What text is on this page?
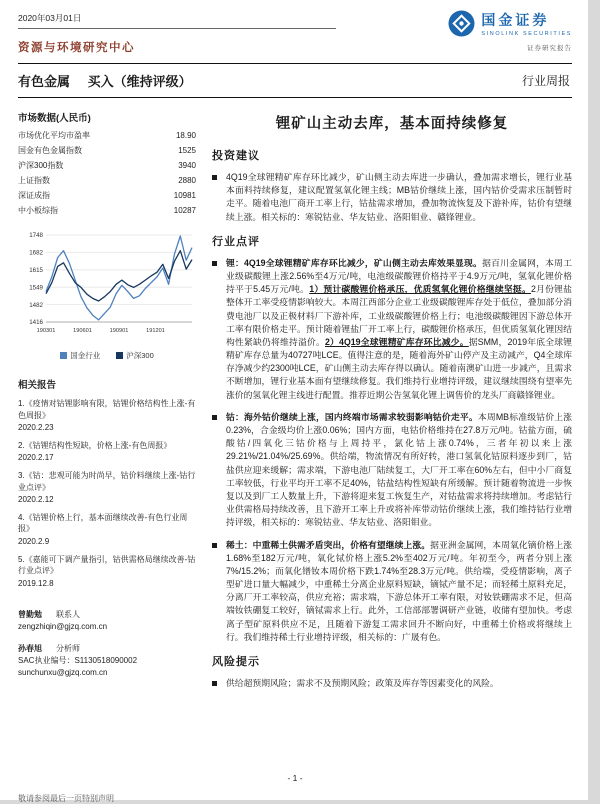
2020年03月01日
资源与环境研究中心
国金证券
SINOLINK SECURITIES
证券研究报告
有色金属 买入（维持评级）	行业周报
市场数据(人民币)
市场优化平均市盈率	18.90
国金有色金属指数	1525
沪深300指数	3940
上证指数	2880
深证成指	10981
中小板综指	10287
1748
1682
1615
1549
1482
1416
190301	190601	190901	191201
国金行业	沪深300
相关报告
1.《疫情对钴锂影响有限，钴锂价格结构性上涨-有色周报》
2020.2.23
2.《钴锂结构性短缺，价格上涨-有色周报》
2020.2.17
3.《钴：悲观可能为时尚早，钴价料继续上涨-钴行业点评》
2020.2.12
4.《钴锂价格上行，基本面继续改善-有色行业周报》
2020.2.9
5.《嘉能可下调产量指引，钴供需格局继续改善-钴行业点评》
2019.12.8
曾勤勉 联系人
zengzhiqin@gjzq.com.cn
孙春旭 分析师
SAC执业编号：S1130518090002
sunchunxu@gjzq.com.cn
锂矿山主动去库，基本面持续修复
投资建议
4Q19全球锂精矿库存环比减少，矿山侧主动去库进一步确认，叠加需求增长，锂行业基本面料持续修复，建议配置氢氧化锂主线；MB钴价继续上涨，国内钴价受需求压制暂时走平。随着电池厂商开工率上行，钴盐需求增加，叠加物流恢复及下游补库，钴价有望继续上涨。相关标的：寒锐钴业、华友钴业、洛阳钼业、赣锋锂业。
行业点评
锂：4Q19全球锂精矿库存环比减少，矿山侧主动去库效果显现。据百川金属网，本周工业级碳酸锂上涨2.56%至4万元/吨，电池级碳酸锂价格持平于4.9万元/吨，氢氧化锂价格持平于5.45万元/吨。1）预计碳酸锂价格承压，优质氢氧化锂价格继续坚挺。2月份锂盐整体开工率受疫情影响较大。本周江西部分企业工业级碳酸锂库存处于低位，叠加部分消费电池厂以及正极材料厂下游补库，工业级碳酸锂价格上行；电池级碳酸锂因下游总体开工率有限价格走平。预计随着锂盐厂开工率上行，碳酸锂价格承压，但优质氢氧化锂因结构性紧缺仍将维持溢价。2）4Q19全球锂精矿库存环比减少。据SMM，2019年底全球锂精矿库存总量为40727吨LCE。值得注意的是，随着海外矿山停产及主动减产，Q4全球库存净减少约2300吨LCE，矿山侧主动去库存得以确认。随着南澳矿山进一步减产，且需求不断增加，锂行业基本面有望继续修复。我们维持行业增持评级，建议继续围绕有望率先涨价的氢氧化锂主线进行配置。推荐近期公告氢氧化锂上调售价的龙头厂商赣锋锂业。
钴：海外钴价继续上涨，国内终端市场需求较弱影响钴价走平。本周MB标准级钴价上涨0.23%，合金级均价上涨0.06%；国内方面，电钴价格维持在27.8万元/吨。钴盐方面，硫酸钴/四氧化三钴价格与上周持平，氯化钴上涨0.74%，三者年初以来上涨29.21%/21.04%/25.69%。供给端，物流情况有所好转，港口氢氧化钴原料逐步到厂，钴盐供应迎来缓解；需求端，下游电池厂陆续复工，大厂开工率在60%左右，但中小厂商复工率较低，行业平均开工率不足40%，钴盐结构性短缺有所缓解。预计随着物流进一步恢复以及到厂工人数量上升，下游将迎来复工恢复生产，对钴盐需求将持续增加。考虑钴行业供需格局持续改善，且下游开工率上升或将补库带动钴价继续上涨，我们维持钴行业增持评级，相关标的：寒锐钴业、华友钴业、洛阳钼业。
稀土：中重稀土供需矛盾突出，价格有望继续上涨。据亚洲金属网，本周氧化镝价格上涨1.68%至182万元/吨，氧化铽价格上涨5.2%至402万元/吨。年初至今，两者分别上涨7%/15.2%；而氧化镨钕本周价格下跌1.74%至28.3万元/吨。供给端，受疫情影响，离子型矿进口量大幅减少，中重稀土分离企业原料短缺，镝铽产量不足；而轻稀土原料充足，分离厂开工率较高，供应充裕；需求端，下游总体开工率有限，对钕铁硼需求不足，但高端钕铁硼复工较好，镝铽需求上行。此外，工信部部署调研产业链，收储有望加快。考虑离子型矿原料供应不足，且随着下游复工需求回升不断向好，中重稀土价格或将继续上行。我们维持稀土行业增持评级，相关标的：广晟有色。
风险提示
供给超预期风险；需求不及预期风险；政策及库存等因素变化的风险。
- 1 -
敬请参阅最后一页特别声明
